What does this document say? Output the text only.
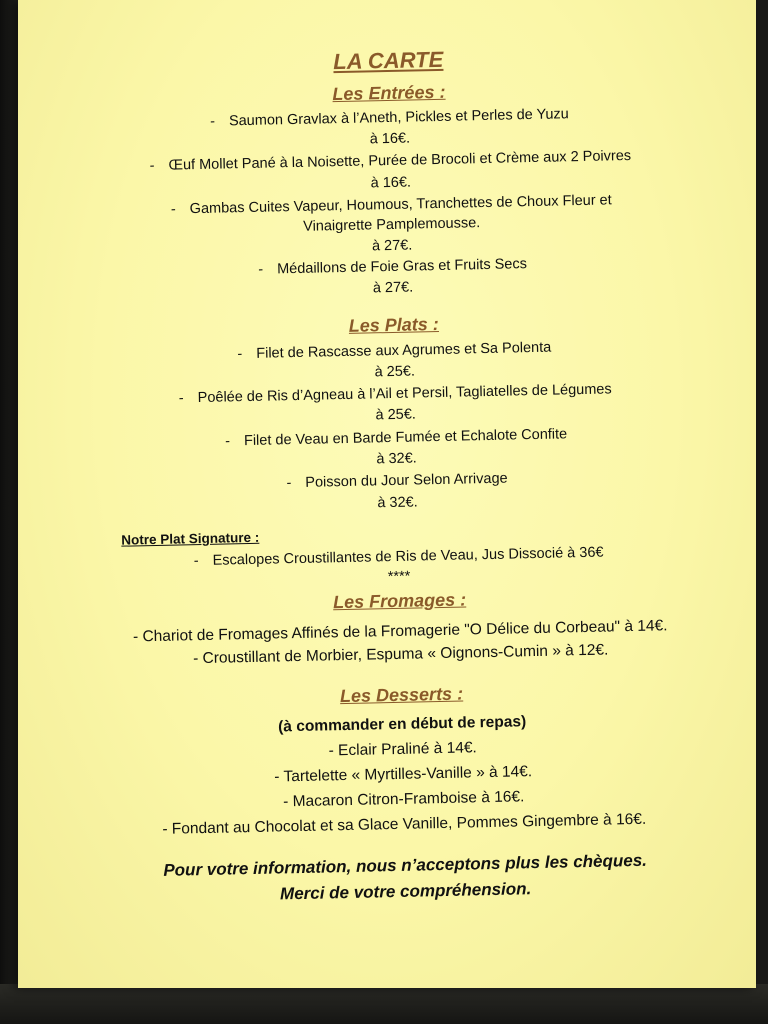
LA CARTE
Les Entrées :
- Saumon Gravlax à l’Aneth, Pickles et Perles de Yuzu
à 16€.
- Œuf Mollet Pané à la Noisette, Purée de Brocoli et Crème aux 2 Poivres
à 16€.
- Gambas Cuites Vapeur, Houmous, Tranchettes de Choux Fleur et
Vinaigrette Pamplemousse.
à 27€.
- Médaillons de Foie Gras et Fruits Secs
à 27€.
Les Plats :
- Filet de Rascasse aux Agrumes et Sa Polenta
à 25€.
- Poêlée de Ris d’Agneau à l’Ail et Persil, Tagliatelles de Légumes
à 25€.
- Filet de Veau en Barde Fumée et Echalote Confite
à 32€.
- Poisson du Jour Selon Arrivage
à 32€.
Notre Plat Signature :
- Escalopes Croustillantes de Ris de Veau, Jus Dissocié à 36€
****
Les Fromages :
- Chariot de Fromages Affinés de la Fromagerie "O Délice du Corbeau" à 14€.
- Croustillant de Morbier, Espuma « Oignons-Cumin » à 12€.
Les Desserts :
(à commander en début de repas)
- Eclair Praliné à 14€.
- Tartelette « Myrtilles-Vanille » à 14€.
- Macaron Citron-Framboise à 16€.
- Fondant au Chocolat et sa Glace Vanille, Pommes Gingembre à 16€.
Pour votre information, nous n’acceptons plus les chèques.
Merci de votre compréhension.
